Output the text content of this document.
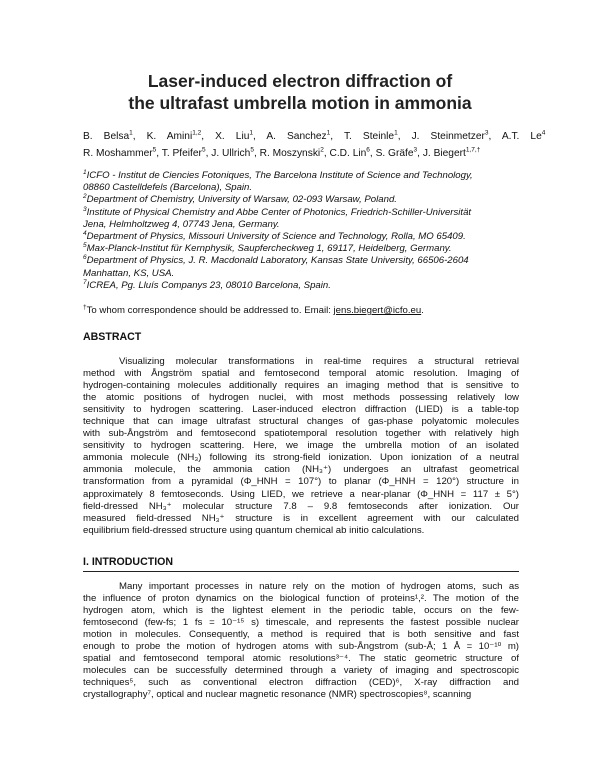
Laser-induced electron diffraction of
the ultrafast umbrella motion in ammonia
B. Belsa$^1$, K. Amini$^{1,2}$, X. Liu$^1$, A. Sanchez$^1$, T. Steinle$^1$, J. Steinmetzer$^3$, A.T. Le$^4$
R. Moshammer$^5$, T. Pfeifer$^5$, J. Ullrich$^5$, R. Moszynski$^2$, C.D. Lin$^6$, S. Gräfe$^3$, J. Biegert$^{1,7,\dagger}$
$^1$ICFO - Institut de Ciencies Fotoniques, The Barcelona Institute of Science and Technology,
08860 Castelldefels (Barcelona), Spain.
$^2$Department of Chemistry, University of Warsaw, 02-093 Warsaw, Poland.
$^3$Institute of Physical Chemistry and Abbe Center of Photonics, Friedrich-Schiller-Universität
Jena, Helmholtzweg 4, 07743 Jena, Germany.
$^4$Department of Physics, Missouri University of Science and Technology, Rolla, MO 65409.
$^5$Max-Planck-Institut für Kernphysik, Saupfercheckweg 1, 69117, Heidelberg, Germany.
$^6$Department of Physics, J. R. Macdonald Laboratory, Kansas State University, 66506-2604
Manhattan, KS, USA.
$^7$ICREA, Pg. Lluís Companys 23, 08010 Barcelona, Spain.
†To whom correspondence should be addressed to. Email: jens.biegert@icfo.eu.
ABSTRACT
Visualizing molecular transformations in real-time requires a structural retrieval
method with Ångström spatial and femtosecond temporal atomic resolution. Imaging of
hydrogen-containing molecules additionally requires an imaging method that is sensitive to
the atomic positions of hydrogen nuclei, with most methods possessing relatively low
sensitivity to hydrogen scattering. Laser-induced electron diffraction (LIED) is a table-top
technique that can image ultrafast structural changes of gas-phase polyatomic molecules
with sub-Ångström and femtosecond spatiotemporal resolution together with relatively high
sensitivity to hydrogen scattering. Here, we image the umbrella motion of an isolated
ammonia molecule (NH₃) following its strong-field ionization. Upon ionization of a neutral
ammonia molecule, the ammonia cation (NH₃⁺) undergoes an ultrafast geometrical
transformation from a pyramidal (Φ_HNH = 107°) to planar (Φ_HNH = 120°) structure in
approximately 8 femtoseconds. Using LIED, we retrieve a near-planar (Φ_HNH = 117 ± 5°)
field-dressed NH₃⁺ molecular structure 7.8 – 9.8 femtoseconds after ionization. Our
measured field-dressed NH₃⁺ structure is in excellent agreement with our calculated
equilibrium field-dressed structure using quantum chemical ab initio calculations.
I. INTRODUCTION
Many important processes in nature rely on the motion of hydrogen atoms, such as
the influence of proton dynamics on the biological function of proteins¹,². The motion of the
hydrogen atom, which is the lightest element in the periodic table, occurs on the few-
femtosecond (few-fs; 1 fs = 10⁻¹⁵ s) timescale, and represents the fastest possible nuclear
motion in molecules. Consequently, a method is required that is both sensitive and fast
enough to probe the motion of hydrogen atoms with sub-Ångstrom (sub-Å; 1 Å = 10⁻¹⁰ m)
spatial and femtosecond temporal atomic resolutions³⁻⁴. The static geometric structure of
molecules can be successfully determined through a variety of imaging and spectroscopic
techniques⁵, such as conventional electron diffraction (CED)⁶, X-ray diffraction and
crystallography⁷, optical and nuclear magnetic resonance (NMR) spectroscopies⁸, scanning
